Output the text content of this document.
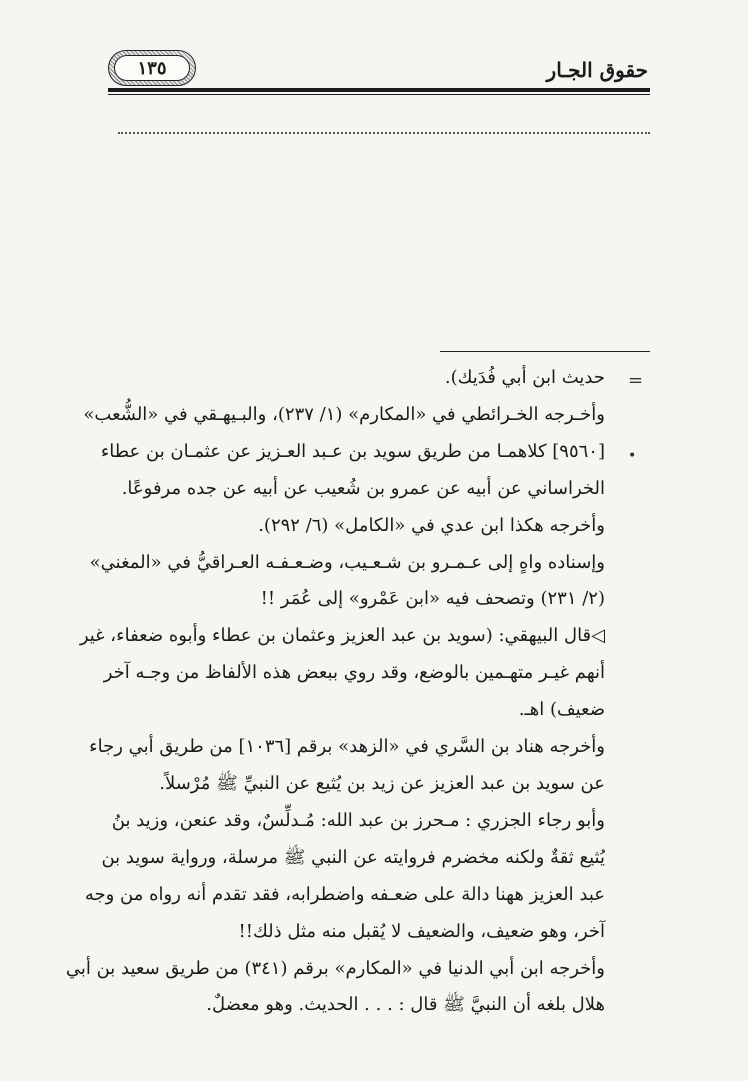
حقوق الجـار
١٣٥
=
•
حديث ابن أبي فُدَيك).
وأخـرجه الخـرائطي في «المكارم» (١/ ٢٣٧)، والبـيهـقي في «الشُّعب»
[٩٥٦٠] كلاهمـا من طريق سويد بن عـبد العـزيز عن عثمـان بن عطاء
الخراساني عن أبيه عن عمرو بن شُعيب عن أبيه عن جده مرفوعًا.
وأخرجه هكذا ابن عدي في «الكامل» (٦/ ٢٩٢).
وإسناده واهٍ إلى عـمـرو بن شـعـيب، وضـعـفـه العـراقيُّ في «المغني»
(٢/ ٢٣١) وتصحف فيه «ابن عَمْرو» إلى عُمَر !!
◁قال البيهقي: (سويد بن عبد العزيز وعثمان بن عطاء وأبوه ضعفاء، غير
أنهم غيـر متهـمين بالوضع، وقد روي ببعض هذه الألفاظ من وجـه آخر
ضعيف) اهـ.
وأخرجه هناد بن السَّري في «الزهد» برقم [١٠٣٦] من طريق أبي رجاء
عن سويد بن عبد العزيز عن زيد بن يُثيع عن النبيِّ ﷺ مُرْسلاً.
وأبو رجاء الجزري : مـحرز بن عبد الله: مُـدلِّسٌ، وقد عنعن، وزيد بنُ
يُثيع ثقةٌ ولكنه مخضرم فروايته عن النبي ﷺ مرسلة، ورواية سويد بن
عبد العزيز ههنا دالة على ضعـفه واضطرابه، فقد تقدم أنه رواه من وجه
آخر، وهو ضعيف، والضعيف لا يُقبل منه مثل ذلك!!
وأخرجه ابن أبي الدنيا في «المكارم» برقم (٣٤١) من طريق سعيد بن أبي
هلال بلغه أن النبيَّ ﷺ قال : . . . الحديث. وهو معضلٌ.
